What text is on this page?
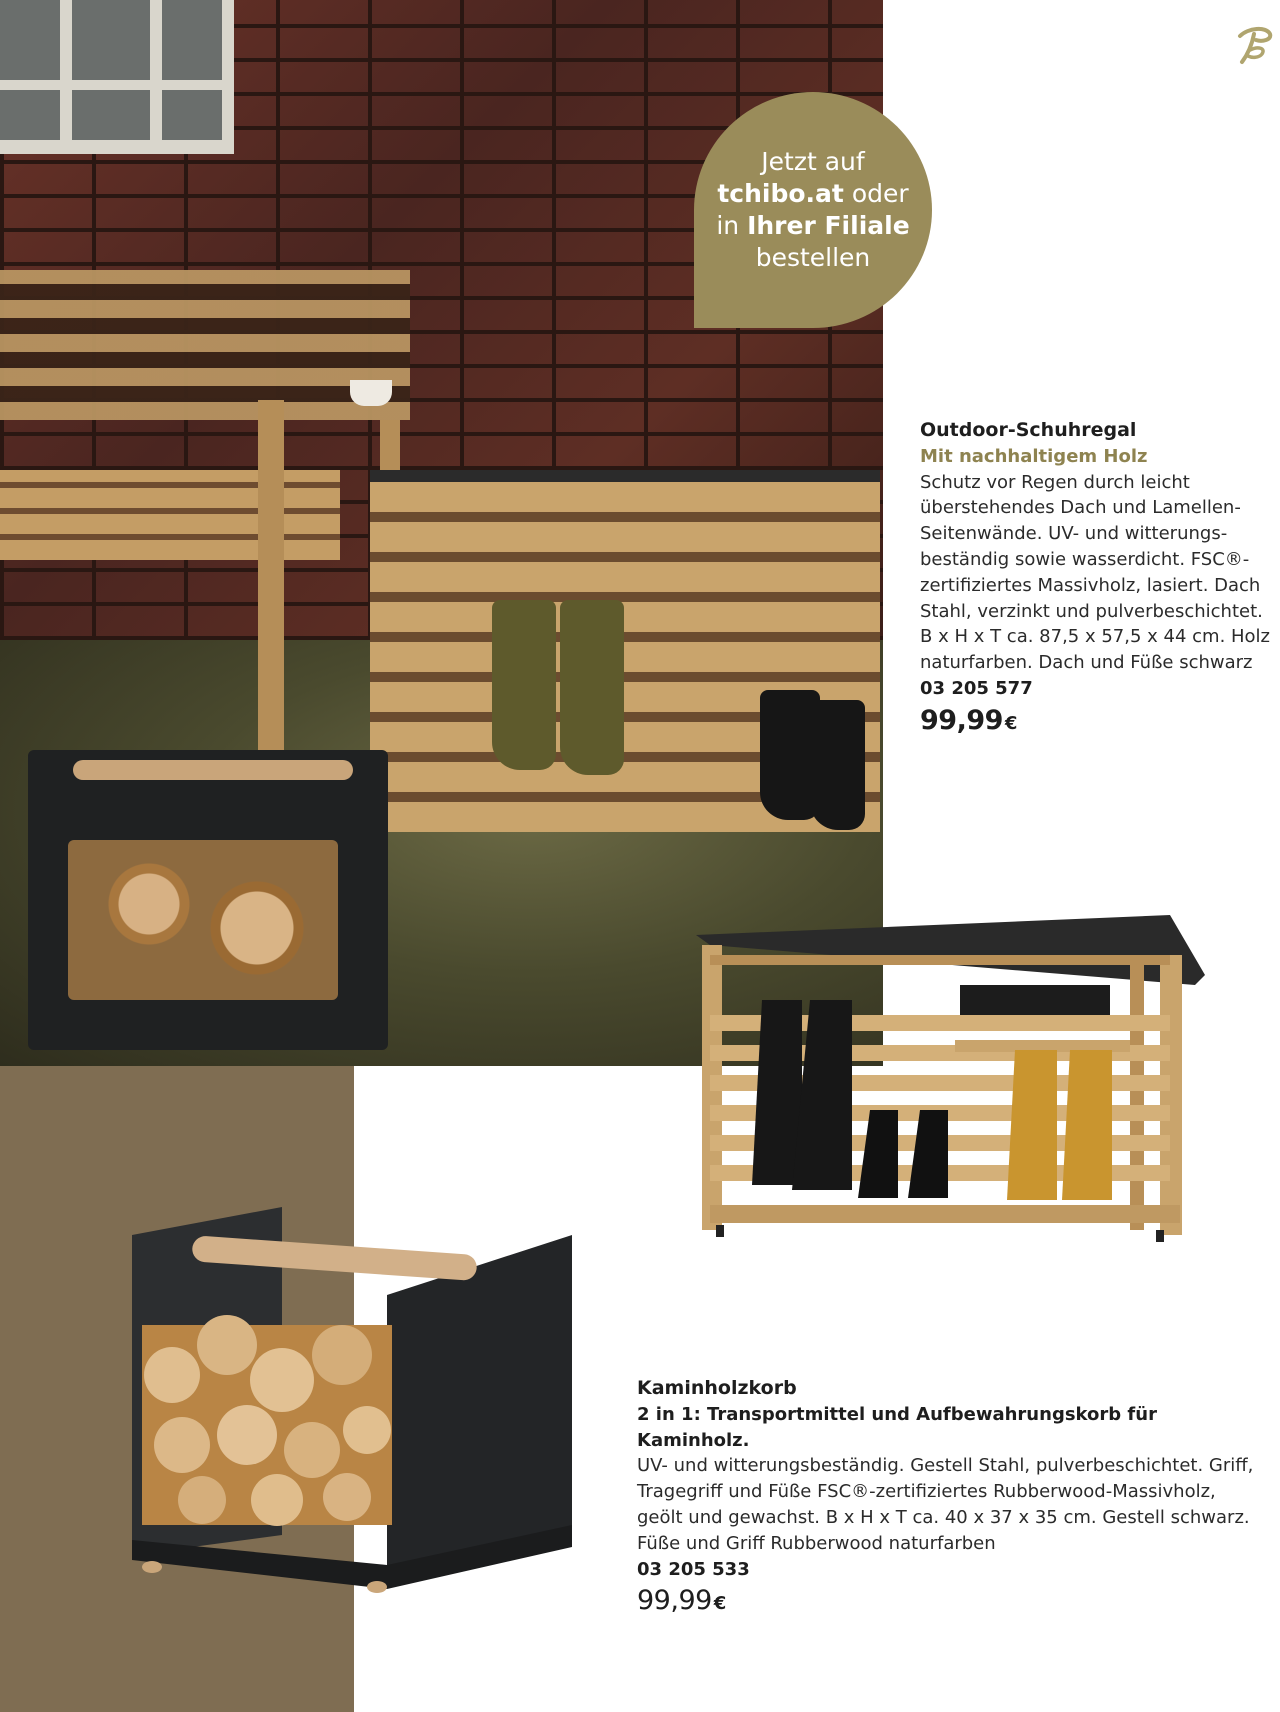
Jetzt auf
tchibo.at oder
in Ihrer Filiale
bestellen
Outdoor-Schuhregal
Mit nachhaltigem Holz
Schutz vor Regen durch leicht überstehendes Dach und Lamellen-Seitenwände. UV- und witterungs-beständig sowie wasserdicht. FSC®-zertifiziertes Massivholz, lasiert. Dach Stahl, verzinkt und pulverbeschichtet. B x H x T ca. 87,5 x 57,5 x 44 cm. Holz naturfarben. Dach und Füße schwarz
03 205 577
99,99 €
Kaminholzkorb
2 in 1: Transportmittel und Aufbewahrungskorb für Kaminholz.
UV- und witterungsbeständig. Gestell Stahl, pulverbeschichtet. Griff, Tragegriff und Füße FSC®-zertifiziertes Rubberwood-Massivholz, geölt und gewachst. B x H x T ca. 40 x 37 x 35 cm. Gestell schwarz. Füße und Griff Rubberwood naturfarben
03 205 533
99,99 €
